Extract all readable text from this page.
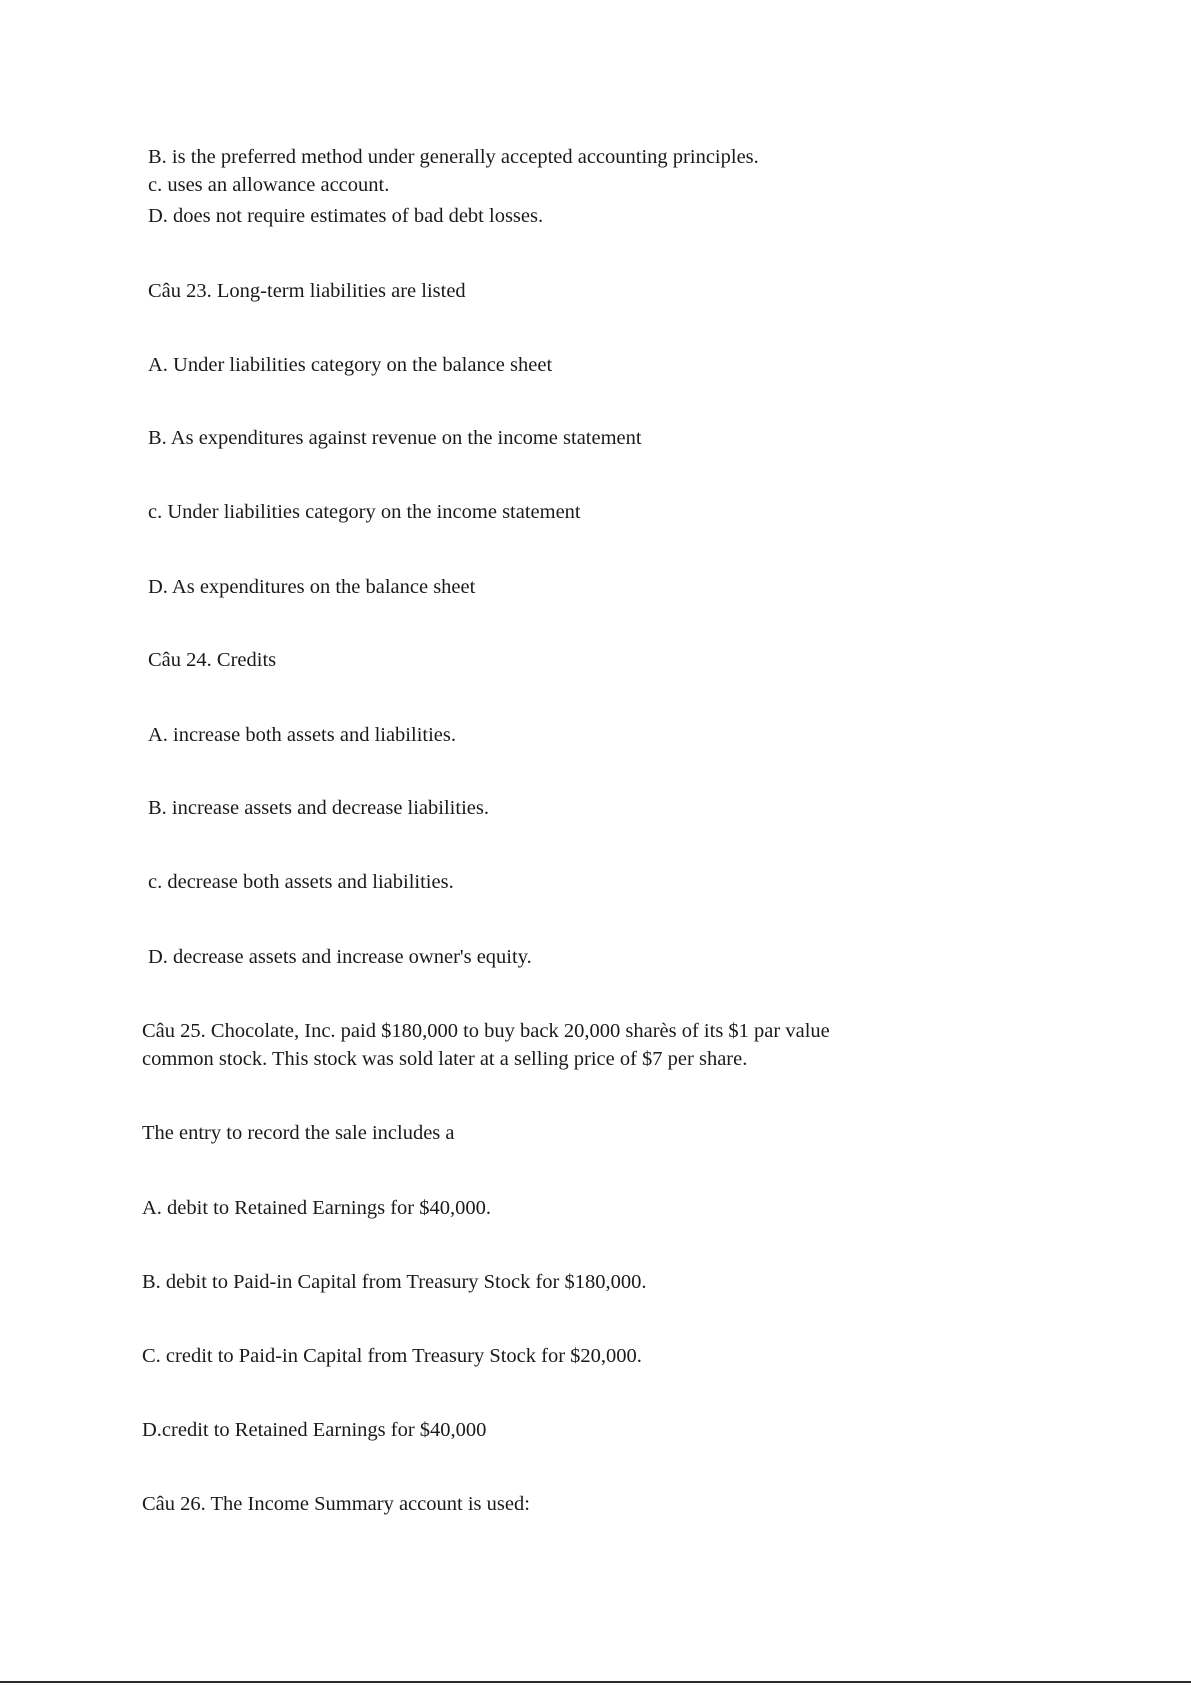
B. is the preferred method under generally accepted accounting principles.
c. uses an allowance account.
D. does not require estimates of bad debt losses.
Câu 23. Long-term liabilities are listed
A. Under liabilities category on the balance sheet
B. As expenditures against revenue on the income statement
c. Under liabilities category on the income statement
D. As expenditures on the balance sheet
Câu 24. Credits
A. increase both assets and liabilities.
B. increase assets and decrease liabilities.
c. decrease both assets and liabilities.
D. decrease assets and increase owner's equity.
Câu 25. Chocolate, Inc. paid $180,000 to buy back 20,000 sharès of its $1 par value
common stock. This stock was sold later at a selling price of $7 per share.
The entry to record the sale includes a
A. debit to Retained Earnings for $40,000.
B. debit to Paid-in Capital from Treasury Stock for $180,000.
C. credit to Paid-in Capital from Treasury Stock for $20,000.
D.credit to Retained Earnings for $40,000
Câu 26. The Income Summary account is used:
